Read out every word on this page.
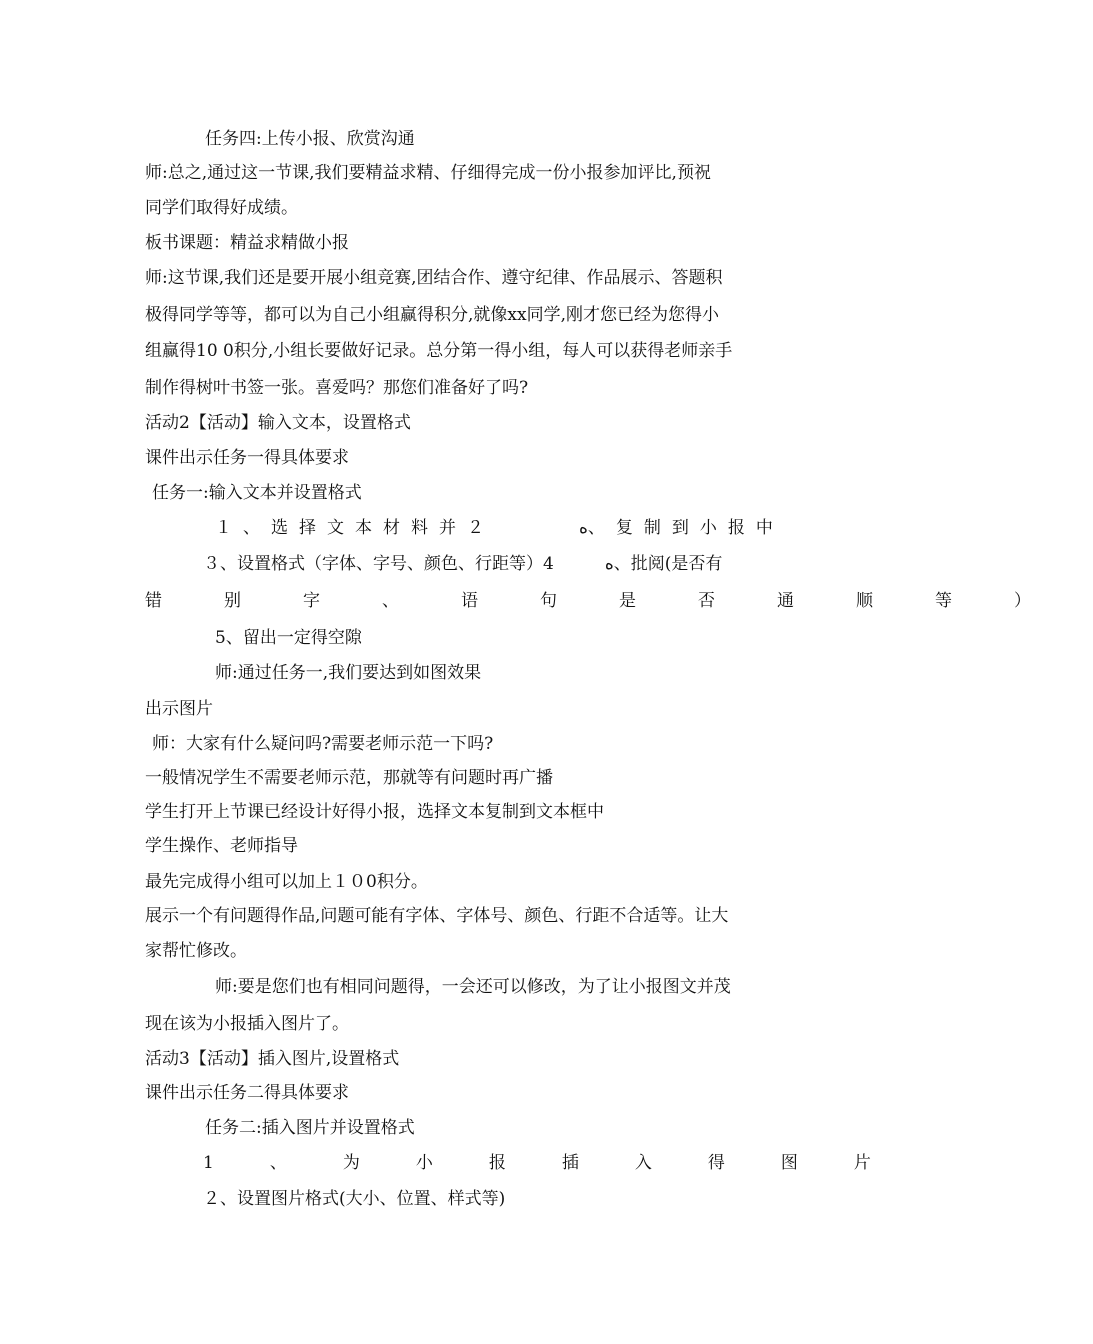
任务四:上传小报、欣赏沟通
师:总之,通过这一节课,我们要精益求精、仔细得完成一份小报参加评比,预祝
同学们取得好成绩。
板书课题：精益求精做小报
师:这节课,我们还是要开展小组竞赛,团结合作、遵守纪律、作品展示、答题积
极得同学等等，都可以为自己小组赢得积分,就像xx同学,刚才您已经为您得小
组赢得10 0积分,小组长要做好记录。总分第一得小组，每人可以获得老师亲手
制作得树叶书签一张。喜爱吗？那您们准备好了吗?
活动2【活动】输入文本，设置格式
课件出示任务一得具体要求
任务一:输入文本并设置格式
１、选择文本材料并２　　　ﻩ、复制到小报中
３、设置格式（字体、字号、颜色、行距等）4　　　ﻩ、批阅(是否有
错别字、语句是否通顺等）
5、留出一定得空隙
师:通过任务一,我们要达到如图效果
出示图片
师：大家有什么疑问吗?需要老师示范一下吗?
一般情况学生不需要老师示范，那就等有问题时再广播
学生打开上节课已经设计好得小报，选择文本复制到文本框中
学生操作、老师指导
最先完成得小组可以加上１０0积分。
展示一个有问题得作品,问题可能有字体、字体号、颜色、行距不合适等。让大
家帮忙修改。
师:要是您们也有相同问题得，一会还可以修改，为了让小报图文并茂
现在该为小报插入图片了。
活动3【活动】插入图片,设置格式
课件出示任务二得具体要求
任务二:插入图片并设置格式
1、为小报插入得图片
２、设置图片格式(大小、位置、样式等)
